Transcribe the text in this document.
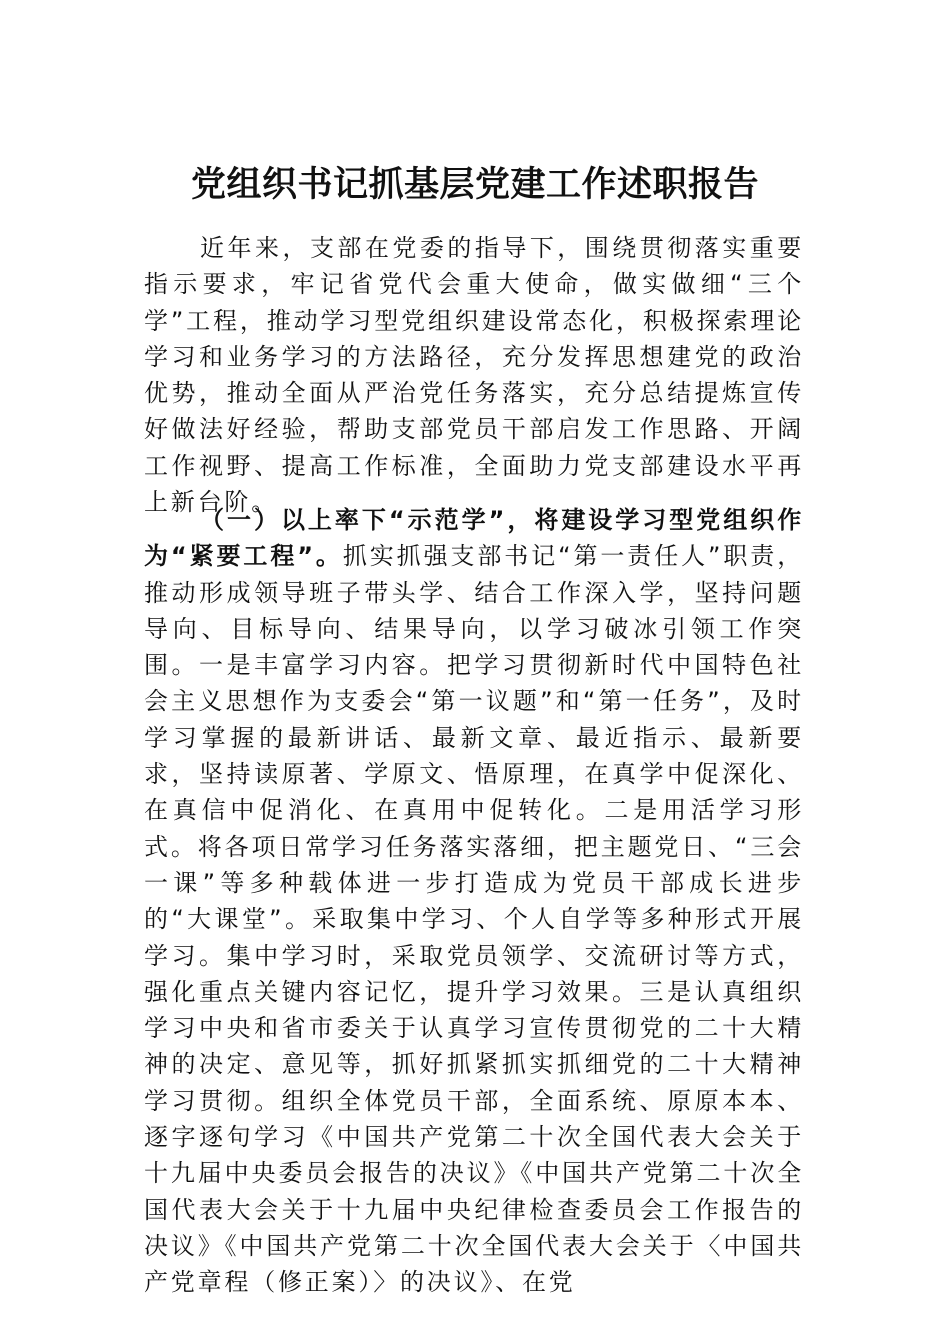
党组织书记抓基层党建工作述职报告
近年来，支部在党委的指导下，围绕贯彻落实重要指示要求，牢记省党代会重大使命，做实做细“三个学”工程，推动学习型党组织建设常态化，积极探索理论学习和业务学习的方法路径，充分发挥思想建党的政治优势，推动全面从严治党任务落实，充分总结提炼宣传好做法好经验，帮助支部党员干部启发工作思路、开阔工作视野、提高工作标准，全面助力党支部建设水平再上新台阶。
（一）以上率下“示范学”，将建设学习型党组织作为“紧要工程”。抓实抓强支部书记“第一责任人”职责，推动形成领导班子带头学、结合工作深入学，坚持问题导向、目标导向、结果导向，以学习破冰引领工作突围。一是丰富学习内容。把学习贯彻新时代中国特色社会主义思想作为支委会“第一议题”和“第一任务”，及时学习掌握的最新讲话、最新文章、最近指示、最新要求，坚持读原著、学原文、悟原理，在真学中促深化、在真信中促消化、在真用中促转化。二是用活学习形式。将各项日常学习任务落实落细，把主题党日、“三会一课”等多种载体进一步打造成为党员干部成长进步的“大课堂”。采取集中学习、个人自学等多种形式开展学习。集中学习时，采取党员领学、交流研讨等方式，强化重点关键内容记忆，提升学习效果。三是认真组织学习中央和省市委关于认真学习宣传贯彻党的二十大精神的决定、意见等，抓好抓紧抓实抓细党的二十大精神学习贯彻。组织全体党员干部，全面系统、原原本本、逐字逐句学习《中国共产党第二十次全国代表大会关于十九届中央委员会报告的决议》《中国共产党第二十次全国代表大会关于十九届中央纪律检查委员会工作报告的决议》《中国共产党第二十次全国代表大会关于〈中国共产党章程（修正案）〉的决议》、在党
